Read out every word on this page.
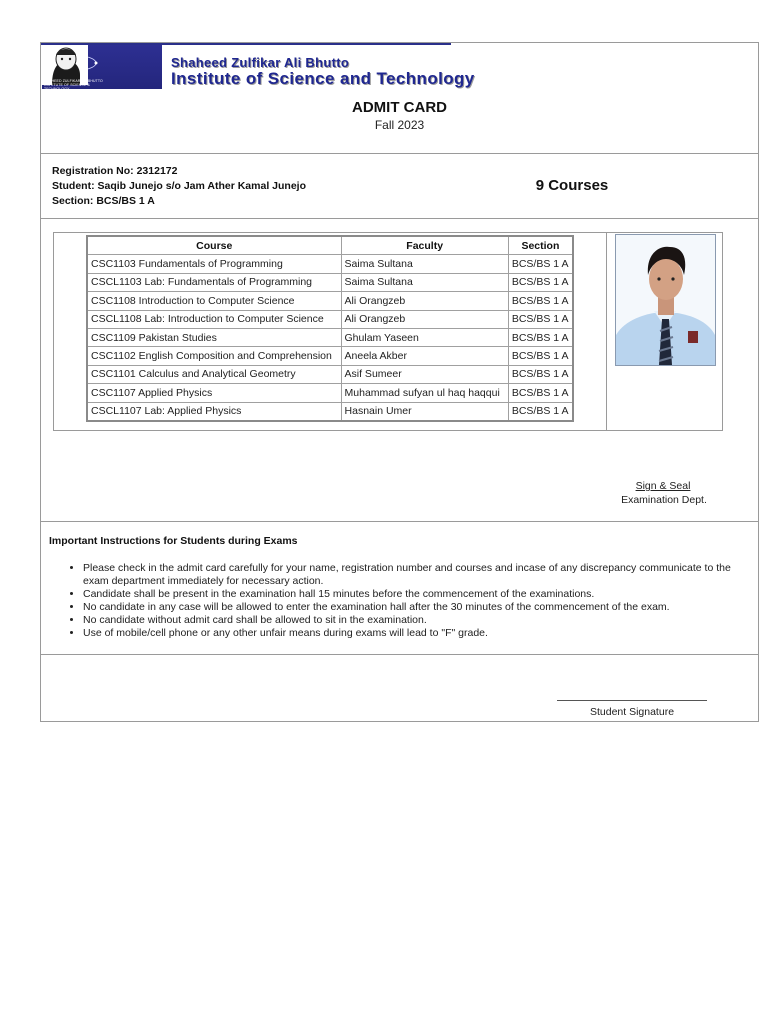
SHAHEED ZULFIKAR ALI BHUTTO INSTITUTE OF SCIENCE & TECHNOLOGY
Shaheed Zulfikar Ali Bhutto
Institute of Science and Technology
ADMIT CARD
Fall 2023
Registration No: 2312172
Student: Saqib Junejo s/o Jam Ather Kamal Junejo
Section: BCS/BS 1 A
9 Courses
Course	Faculty	Section
CSC1103 Fundamentals of Programming	Saima Sultana	BCS/BS 1 A
CSCL1103 Lab: Fundamentals of Programming	Saima Sultana	BCS/BS 1 A
CSC1108 Introduction to Computer Science	Ali Orangzeb	BCS/BS 1 A
CSCL1108 Lab: Introduction to Computer Science	Ali Orangzeb	BCS/BS 1 A
CSC1109 Pakistan Studies	Ghulam Yaseen	BCS/BS 1 A
CSC1102 English Composition and Comprehension	Aneela Akber	BCS/BS 1 A
CSC1101 Calculus and Analytical Geometry	Asif Sumeer	BCS/BS 1 A
CSC1107 Applied Physics	Muhammad sufyan ul haq haqqui	BCS/BS 1 A
CSCL1107 Lab: Applied Physics	Hasnain Umer	BCS/BS 1 A
Sign & Seal
Examination Dept.
Important Instructions for Students during Exams
• Please check in the admit card carefully for your name, registration number and courses and incase of any discrepancy communicate to the exam department immediately for necessary action.
• Candidate shall be present in the examination hall 15 minutes before the commencement of the examinations.
• No candidate in any case will be allowed to enter the examination hall after the 30 minutes of the commencement of the exam.
• No candidate without admit card shall be allowed to sit in the examination.
• Use of mobile/cell phone or any other unfair means during exams will lead to "F" grade.
Student Signature
